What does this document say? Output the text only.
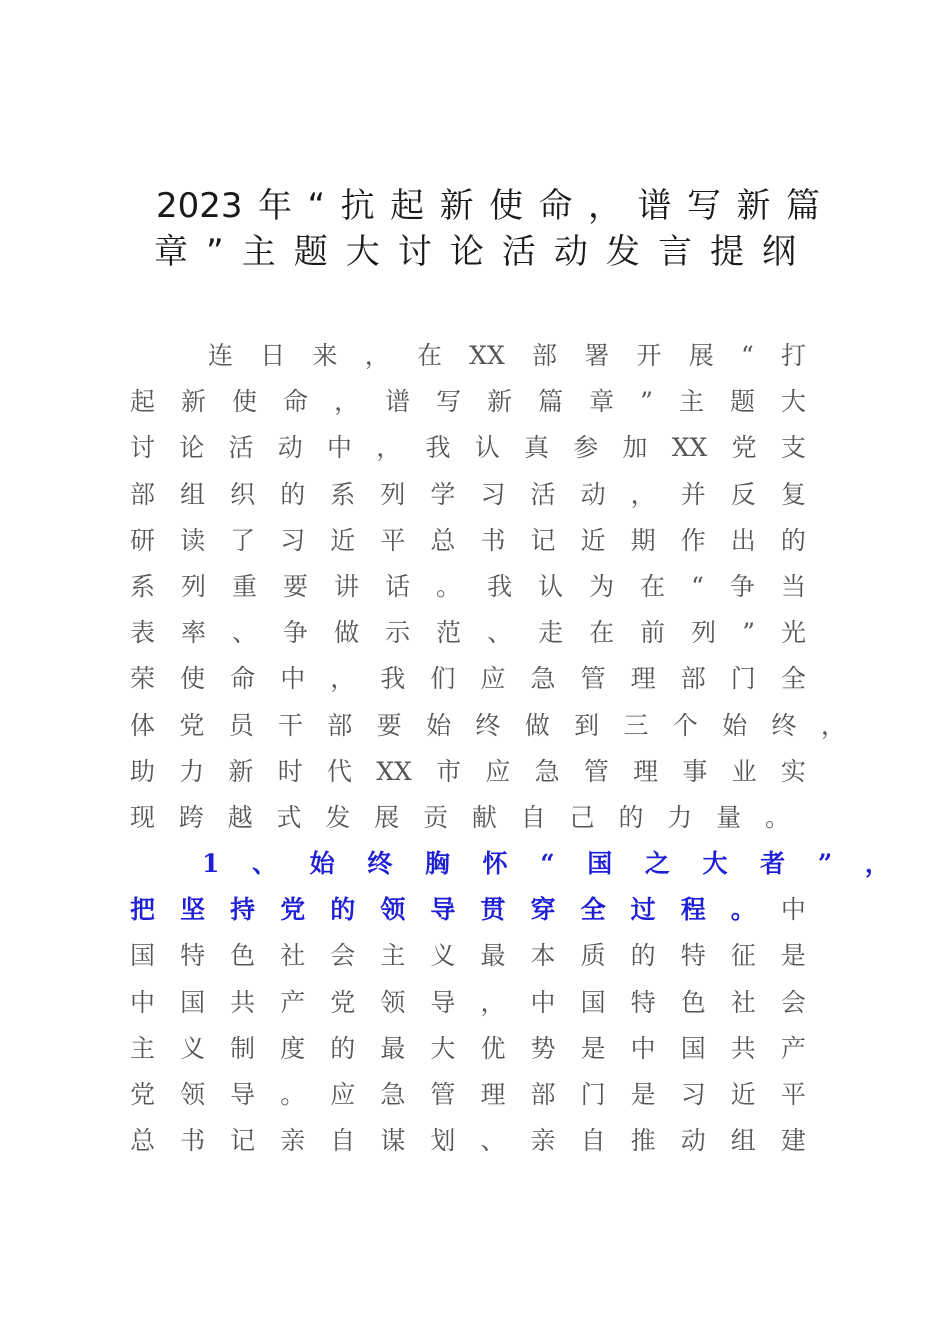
2023 年 “ 抗 起 新 使 命 ， 谱 写 新 篇
章 ” 主 题 大 讨 论 活 动 发 言 提 纲
连 日 来 ， 在 XX 部 署 开 展 “ 打
起 新 使 命 ， 谱 写 新 篇 章 ” 主 题 大
讨 论 活 动 中 ， 我 认 真 参 加 XX 党 支
部 组 织 的 系 列 学 习 活 动 ， 并 反 复
研 读 了 习 近 平 总 书 记 近 期 作 出 的
系 列 重 要 讲 话 。 我 认 为 在 “ 争 当
表 率 、 争 做 示 范 、 走 在 前 列 ” 光
荣 使 命 中 ， 我 们 应 急 管 理 部 门 全
体 党 员 干 部 要 始 终 做 到 三 个 始 终 ，
助 力 新 时 代 XX 市 应 急 管 理 事 业 实
现 跨 越 式 发 展 贡 献 自 己 的 力 量 。
1 、 始 终 胸 怀 “ 国 之 大 者 ” ，
把 坚 持 党 的 领 导 贯 穿 全 过 程 。 中
国 特 色 社 会 主 义 最 本 质 的 特 征 是
中 国 共 产 党 领 导 ， 中 国 特 色 社 会
主 义 制 度 的 最 大 优 势 是 中 国 共 产
党 领 导 。 应 急 管 理 部 门 是 习 近 平
总 书 记 亲 自 谋 划 、 亲 自 推 动 组 建
